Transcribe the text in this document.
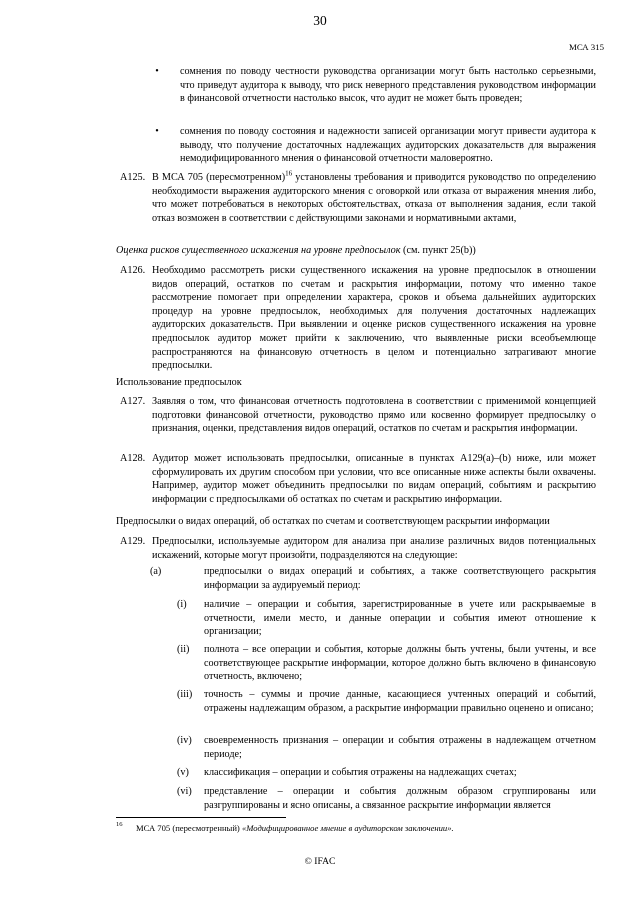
30
МСА 315
•	сомнения по поводу честности руководства организации могут быть настолько серьезными, что приведут аудитора к выводу, что риск неверного представления руководством информации в финансовой отчетности настолько высок, что аудит не может быть проведен;
•	сомнения по поводу состояния и надежности записей организации могут привести аудитора к выводу, что получение достаточных надлежащих аудиторских доказательств для выражения немодифицированного мнения о финансовой отчетности маловероятно.
A125. В МСА 705 (пересмотренном)$^{16}$ установлены требования и приводится руководство по определению необходимости выражения аудиторского мнения с оговоркой или отказа от выражения мнения либо, что может потребоваться в некоторых обстоятельствах, отказа от выполнения задания, если такой отказ возможен в соответствии с действующими законами и нормативными актами,
Оценка рисков существенного искажения на уровне предпосылок (см. пункт 25(b))
A126. Необходимо рассмотреть риски существенного искажения на уровне предпосылок в отношении видов операций, остатков по счетам и раскрытия информации, потому что именно такое рассмотрение помогает при определении характера, сроков и объема дальнейших аудиторских процедур на уровне предпосылок, необходимых для получения достаточных надлежащих аудиторских доказательств. При выявлении и оценке рисков существенного искажения на уровне предпосылок аудитор может прийти к заключению, что выявленные риски всеобъемлюще распространяются на финансовую отчетность в целом и потенциально затрагивают многие предпосылки.
Использование предпосылок
A127. Заявляя о том, что финансовая отчетность подготовлена в соответствии с применимой концепцией подготовки финансовой отчетности, руководство прямо или косвенно формирует предпосылку о признания, оценки, представления видов операций, остатков по счетам и раскрытия информации.
A128. Аудитор может использовать предпосылки, описанные в пунктах A129(a)–(b) ниже, или может сформулировать их другим способом при условии, что все описанные ниже аспекты были охвачены. Например, аудитор может объединить предпосылки по видам операций, событиям и раскрытию информации с предпосылками об остатках по счетам и раскрытию информации.
Предпосылки о видах операций, об остатках по счетам и соответствующем раскрытии информации
A129. Предпосылки, используемые аудитором для анализа при анализе различных видов потенциальных искажений, которые могут произойти, подразделяются на следующие:
(a)	предпосылки о видах операций и событиях, а также соответствующего раскрытия информации за аудируемый период:
(i) наличие – операции и события, зарегистрированные в учете или раскрываемые в отчетности, имели место, и данные операции и события имеют отношение к организации;
(ii) полнота – все операции и события, которые должны быть учтены, были учтены, и все соответствующее раскрытие информации, которое должно быть включено в финансовую отчетность, включено;
(iii) точность – суммы и прочие данные, касающиеся учтенных операций и событий, отражены надлежащим образом, а раскрытие информации правильно оценено и описано;
(iv) своевременность признания – операции и события отражены в надлежащем отчетном периоде;
(v) классификация – операции и события отражены на надлежащих счетах;
(vi) представление – операции и события должным образом сгруппированы или разгруппированы и ясно описаны, а связанное раскрытие информации является
16 МСА 705 (пересмотренный) «Модифицированное мнение в аудиторском заключении».
© IFAC
